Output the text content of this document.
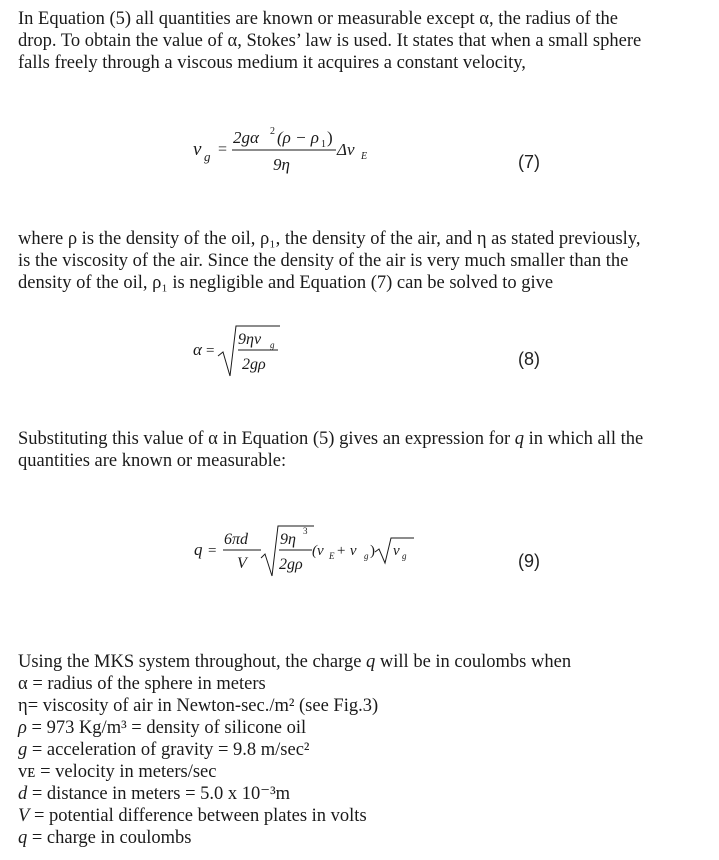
In Equation (5) all quantities are known or measurable except α, the radius of the
drop. To obtain the value of α, Stokes’ law is used. It states that when a small sphere
falls freely through a viscous medium it acquires a constant velocity,
v g =
2gα 2 (ρ − ρ 1 )
9η
Δv E	(7)
where ρ is the density of the oil, ρ₁, the density of the air, and η as stated previously,
is the viscosity of the air. Since the density of the air is very much smaller than the
density of the oil, ρ₁ is negligible and Equation (7) can be solved to give
α =
9ηv g
2gρ	(8)
Substituting this value of α in Equation (5) gives an expression for q in which all the
quantities are known or measurable:
q =
6πd
V
9η 3
2gρ
(v E + v g ) v g	(9)
Using the MKS system throughout, the charge q will be in coulombs when
α = radius of the sphere in meters
η= viscosity of air in Newton-sec./m² (see Fig.3)
ρ = 973 Kg/m³ = density of silicone oil
g = acceleration of gravity = 9.8 m/sec²
vᴇ = velocity in meters/sec
d = distance in meters = 5.0 x 10⁻³m
V = potential difference between plates in volts
q = charge in coulombs
